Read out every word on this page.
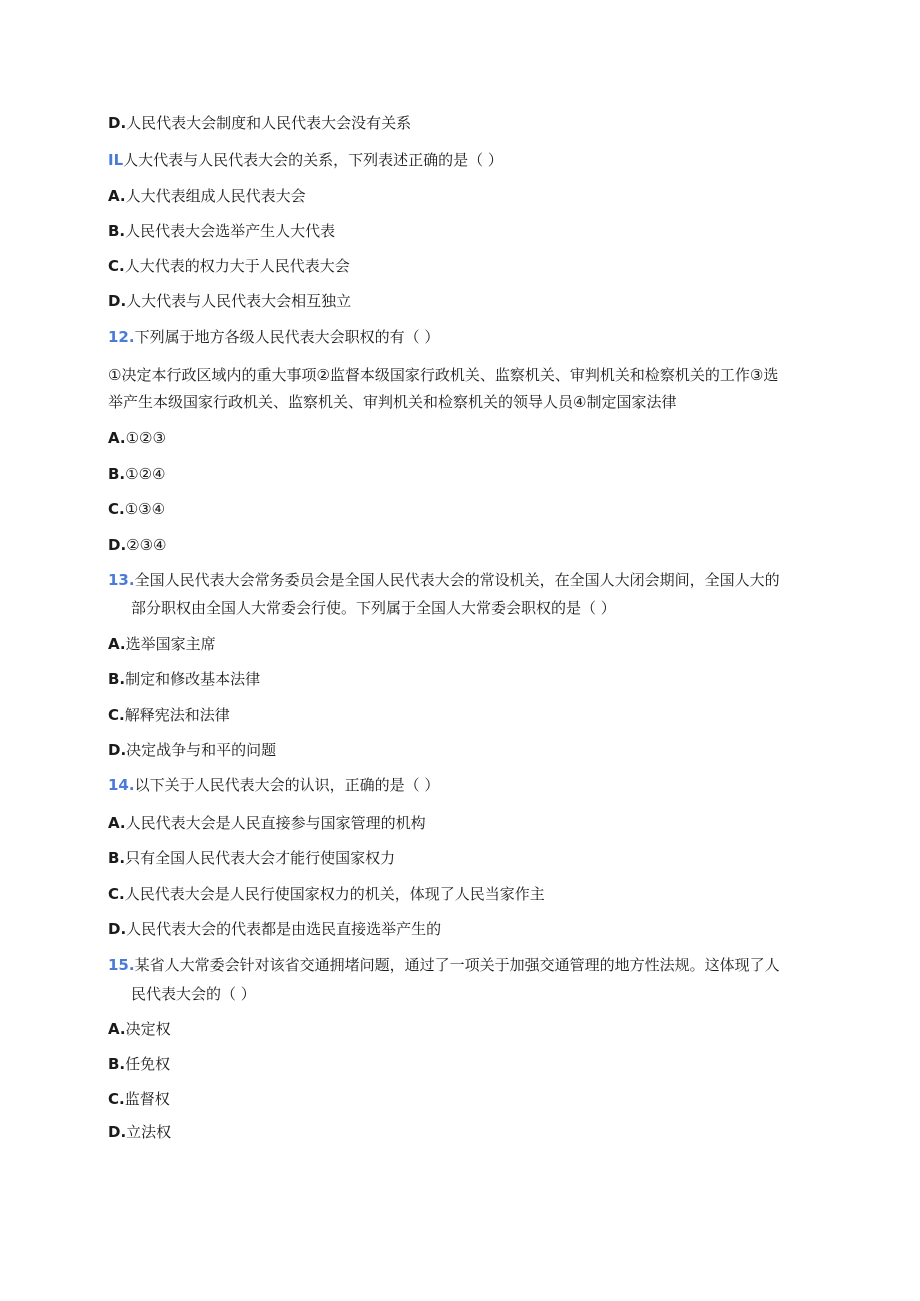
D.人民代表大会制度和人民代表大会没有关系
IL人大代表与人民代表大会的关系，下列表述正确的是（ ）
A.人大代表组成人民代表大会
B.人民代表大会选举产生人大代表
C.人大代表的权力大于人民代表大会
D.人大代表与人民代表大会相互独立
12.下列属于地方各级人民代表大会职权的有（ ）
①决定本行政区域内的重大事项②监督本级国家行政机关、监察机关、审判机关和检察机关的工作③选
举产生本级国家行政机关、监察机关、审判机关和检察机关的领导人员④制定国家法律
A.①②③
B.①②④
C.①③④
D.②③④
13.全国人民代表大会常务委员会是全国人民代表大会的常设机关，在全国人大闭会期间，全国人大的
部分职权由全国人大常委会行使。下列属于全国人大常委会职权的是（ ）
A.选举国家主席
B.制定和修改基本法律
C.解释宪法和法律
D.决定战争与和平的问题
14.以下关于人民代表大会的认识，正确的是（ ）
A.人民代表大会是人民直接参与国家管理的机构
B.只有全国人民代表大会才能行使国家权力
C.人民代表大会是人民行使国家权力的机关，体现了人民当家作主
D.人民代表大会的代表都是由选民直接选举产生的
15.某省人大常委会针对该省交通拥堵问题，通过了一项关于加强交通管理的地方性法规。这体现了人
民代表大会的（ ）
A.决定权
B.任免权
C.监督权
D.立法权
